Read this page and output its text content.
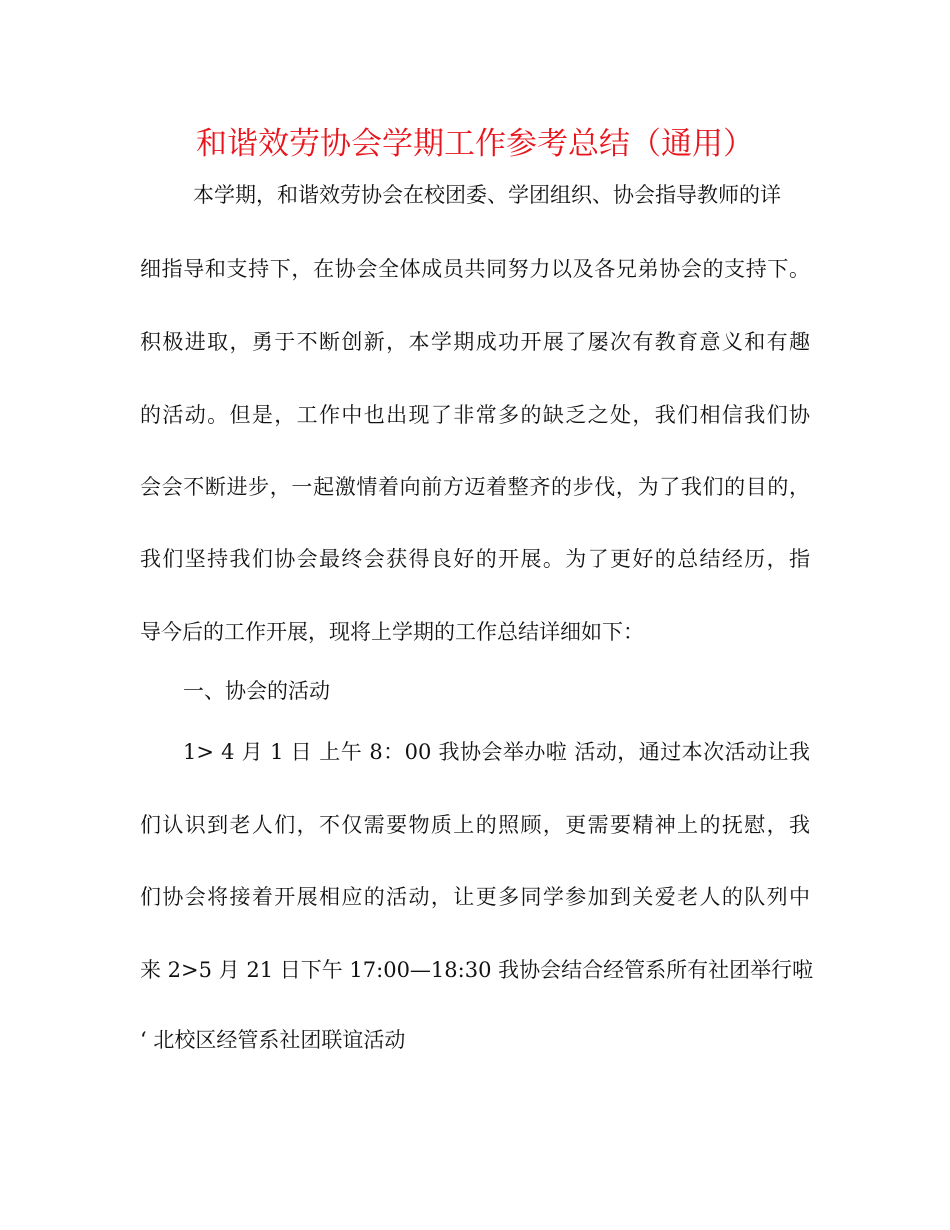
和谐效劳协会学期工作参考总结（通用）
本学期，和谐效劳协会在校团委、学团组织、协会指导教师的详
细指导和支持下，在协会全体成员共同努力以及各兄弟协会的支持下。
积极进取，勇于不断创新，本学期成功开展了屡次有教育意义和有趣
的活动。但是，工作中也出现了非常多的缺乏之处，我们相信我们协
会会不断进步，一起激情着向前方迈着整齐的步伐，为了我们的目的，
我们坚持我们协会最终会获得良好的开展。为了更好的总结经历，指
导今后的工作开展，现将上学期的工作总结详细如下：
一、协会的活动
1> 4 月 1 日 上午 8：00 我协会举办啦 活动，通过本次活动让我
们认识到老人们，不仅需要物质上的照顾，更需要精神上的抚慰，我
们协会将接着开展相应的活动，让更多同学参加到关爱老人的队列中
来 2>5 月 21 日下午 17:00—18:30 我协会结合经管系所有社团举行啦
‘ 北校区经管系社团联谊活动
